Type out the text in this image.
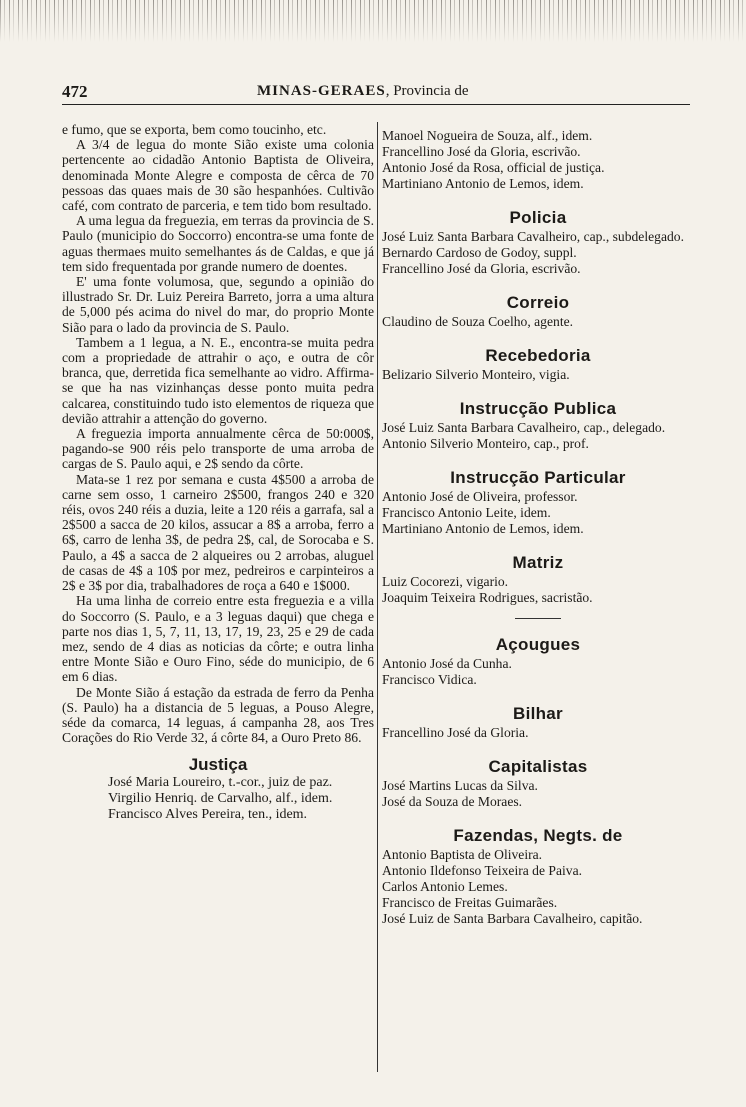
472	MINAS-GERAES, Provincia de

e fumo, que se exporta, bem como toucinho, etc.

A 3/4 de legua do monte Sião existe uma colonia pertencente ao cidadão Antonio Baptista de Oliveira, denominada Monte Alegre e composta de cêrca de 70 pessoas das quaes mais de 30 são hespanhóes. Cultivão café, com contrato de parceria, e tem tido bom resultado.

A uma legua da freguezia, em terras da provincia de S. Paulo (municipio do Soccorro) encontra-se uma fonte de aguas thermaes muito semelhantes ás de Caldas, e que já tem sido frequentada por grande numero de doentes.

E' uma fonte volumosa, que, segundo a opinião do illustrado Sr. Dr. Luiz Pereira Barreto, jorra a uma altura de 5,000 pés acima do nivel do mar, do proprio Monte Sião para o lado da provincia de S. Paulo.

Tambem a 1 legua, a N. E., encontra-se muita pedra com a propriedade de attrahir o aço, e outra de côr branca, que, derretida fica semelhante ao vidro. Affirma-se que ha nas vizinhanças desse ponto muita pedra calcarea, constituindo tudo isto elementos de riqueza que devião attrahir a attenção do governo.

A freguezia importa annualmente cêrca de 50:000$, pagando-se 900 réis pelo transporte de uma arroba de cargas de S. Paulo aqui, e 2$ sendo da côrte.

Mata-se 1 rez por semana e custa 4$500 a arroba de carne sem osso, 1 carneiro 2$500, frangos 240 e 320 réis, ovos 240 réis a duzia, leite a 120 réis a garrafa, sal a 2$500 a sacca de 20 kilos, assucar a 8$ a arroba, ferro a 6$, carro de lenha 3$, de pedra 2$, cal, de Sorocaba e S. Paulo, a 4$ a sacca de 2 alqueires ou 2 arrobas, aluguel de casas de 4$ a 10$ por mez, pedreiros e carpinteiros a 2$ e 3$ por dia, trabalhadores de roça a 640 e 1$000.

Ha uma linha de correio entre esta freguezia e a villa do Soccorro (S. Paulo, e a 3 leguas daqui) que chega e parte nos dias 1, 5, 7, 11, 13, 17, 19, 23, 25 e 29 de cada mez, sendo de 4 dias as noticias da côrte; e outra linha entre Monte Sião e Ouro Fino, séde do municipio, de 6 em 6 dias.

De Monte Sião á estação da estrada de ferro da Penha (S. Paulo) ha a distancia de 5 leguas, a Pouso Alegre, séde da comarca, 14 leguas, á campanha 28, aos Tres Corações do Rio Verde 32, á côrte 84, a Ouro Preto 86.

Justiça

José Maria Loureiro, t.-cor., juiz de paz.

Virgilio Henriq. de Carvalho, alf., idem.

Francisco Alves Pereira, ten., idem.

Manoel Nogueira de Souza, alf., idem.

Francellino José da Gloria, escrivão.

Antonio José da Rosa, official de justiça.

Martiniano Antonio de Lemos, idem.

Policia

José Luiz Santa Barbara Cavalheiro, cap., subdelegado.

Bernardo Cardoso de Godoy, suppl.

Francellino José da Gloria, escrivão.

Correio

Claudino de Souza Coelho, agente.

Recebedoria

Belizario Silverio Monteiro, vigia.

Instrucção Publica

José Luiz Santa Barbara Cavalheiro, cap., delegado.

Antonio Silverio Monteiro, cap., prof.

Instrucção Particular

Antonio José de Oliveira, professor.

Francisco Antonio Leite, idem.

Martiniano Antonio de Lemos, idem.

Matriz

Luiz Cocorezi, vigario.

Joaquim Teixeira Rodrigues, sacristão.

Açougues

Antonio José da Cunha.

Francisco Vidica.

Bilhar

Francellino José da Gloria.

Capitalistas

José Martins Lucas da Silva.

José da Souza de Moraes.

Fazendas, Negts. de

Antonio Baptista de Oliveira.

Antonio Ildefonso Teixeira de Paiva.

Carlos Antonio Lemes.

Francisco de Freitas Guimarães.

José Luiz de Santa Barbara Cavalheiro, capitão.
